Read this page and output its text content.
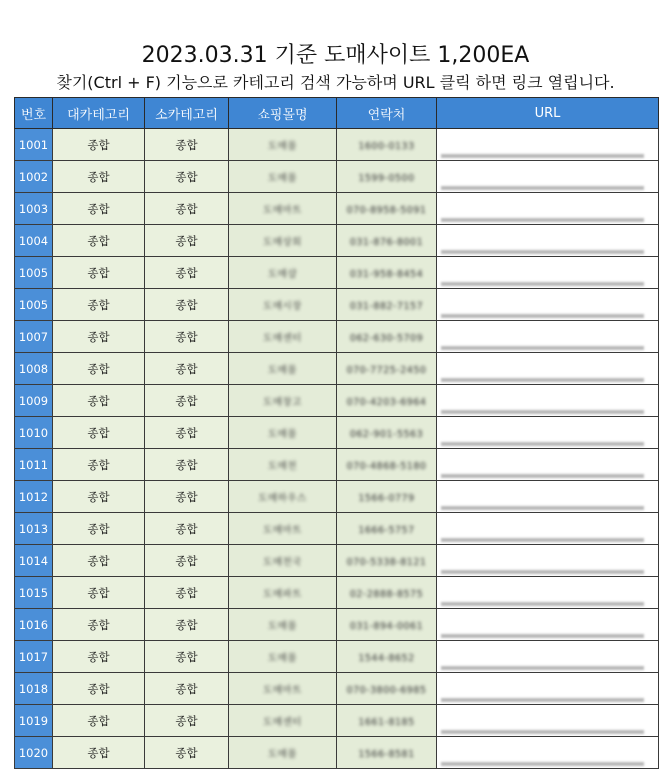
2023.03.31 기준 도매사이트 1,200EA
찾기(Ctrl + F) 기능으로 카테고리 검색 가능하며 URL 클릭 하면 링크 열립니다.
번호	대카테고리	소카테고리	쇼핑몰명	연락처	URL
1001	종합	종합	도매몰	1600-0133	
1002	종합	종합	도매몰	1599-0500	
1003	종합	종합	도매마트	070-8958-5091	
1004	종합	종합	도매상회	031-876-8001	
1005	종합	종합	도매샵	031-958-8454	
1005	종합	종합	도매시장	031-882-7157	
1007	종합	종합	도매센터	062-630-5709	
1008	종합	종합	도매몰	070-7725-2450	
1009	종합	종합	도매창고	070-4203-6964	
1010	종합	종합	도매몰	062-901-5563	
1011	종합	종합	도매천	070-4868-5180	
1012	종합	종합	도매하우스	1566-0779	
1013	종합	종합	도매마트	1666-5757	
1014	종합	종합	도매천국	070-5338-8121	
1015	종합	종합	도매파트	02-2888-8575	
1016	종합	종합	도매몰	031-894-0061	
1017	종합	종합	도매몰	1544-8652	
1018	종합	종합	도매마트	070-3800-6985	
1019	종합	종합	도매센터	1661-8185	
1020	종합	종합	도매몰	1566-8581	
